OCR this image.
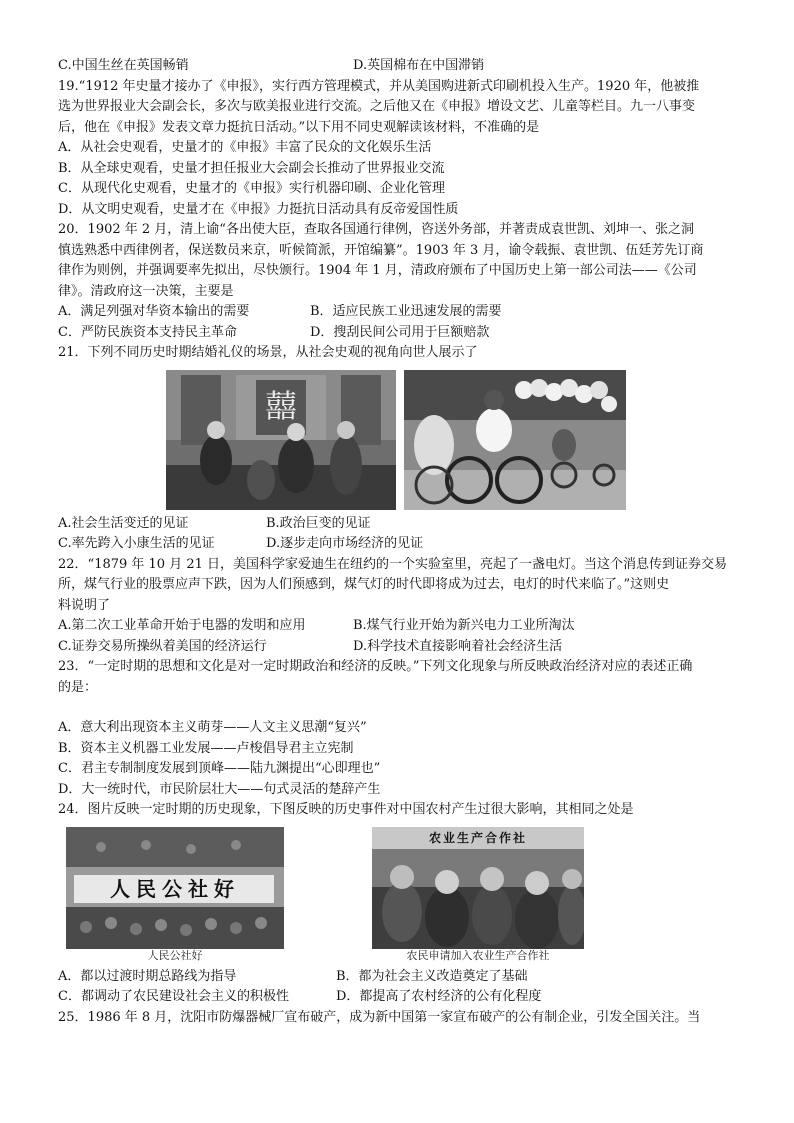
C.中国生丝在英国畅销	D.英国棉布在中国滞销
19.“1912 年史量才接办了《申报》，实行西方管理模式，并从美国购进新式印刷机投入生产。1920 年，他被推
选为世界报业大会副会长，多次与欧美报业进行交流。之后他又在《申报》增设文艺、儿童等栏目。九一八事变
后，他在《申报》发表文章力挺抗日活动。”以下用不同史观解读该材料，不准确的是
A．从社会史观看，史量才的《申报》丰富了民众的文化娱乐生活
B．从全球史观看，史量才担任报业大会副会长推动了世界报业交流
C．从现代化史观看，史量才的《申报》实行机器印刷、企业化管理
D．从文明史观看，史量才在《申报》力挺抗日活动具有反帝爱国性质
20．1902 年 2 月，清上谕“各出使大臣，查取各国通行律例，咨送外务部，并著责成袁世凯、刘坤一、张之洞
慎选熟悉中西律例者，保送数员来京，听候简派，开馆编纂”。1903 年 3 月，谕令载振、袁世凯、伍廷芳先订商
律作为则例，并强调要率先拟出，尽快颁行。1904 年 1 月，清政府颁布了中国历史上第一部公司法——《公司
律》。清政府这一决策，主要是
A．满足列强对华资本输出的需要	B．适应民族工业迅速发展的需要
C．严防民族资本支持民主革命	D．搜刮民间公司用于巨额赔款
21．下列不同历史时期结婚礼仪的场景，从社会史观的视角向世人展示了
囍
A.社会生活变迁的见证	B.政治巨变的见证
C.率先跨入小康生活的见证	D.逐步走向市场经济的见证
22．“1879 年 10 月 21 日，美国科学家爱迪生在纽约的一个实验室里，亮起了一盏电灯。当这个消息传到证券交易
所，煤气行业的股票应声下跌，因为人们预感到，煤气灯的时代即将成为过去，电灯的时代来临了。”这则史
料说明了
A.第二次工业革命开始于电器的发明和应用	B.煤气行业开始为新兴电力工业所淘汰
C.证券交易所操纵着美国的经济运行	D.科学技术直接影响着社会经济生活
23．“一定时期的思想和文化是对一定时期政治和经济的反映。”下列文化现象与所反映政治经济对应的表述正确
的是：
A．意大利出现资本主义萌芽——人文主义思潮“复兴”
B．资本主义机器工业发展——卢梭倡导君主立宪制
C．君主专制制度发展到顶峰——陆九渊提出“心即理也”
D．大一统时代，市民阶层壮大——句式灵活的楚辞产生
24．图片反映一定时期的历史现象，下图反映的历史事件对中国农村产生过很大影响，其相同之处是
人民公社好
人民公社好
农业生产合作社
农民申请加入农业生产合作社
A．都以过渡时期总路线为指导	B．都为社会主义改造奠定了基础
C．都调动了农民建设社会主义的积极性	D．都提高了农村经济的公有化程度
25．1986 年 8 月，沈阳市防爆器械厂宣布破产，成为新中国第一家宣布破产的公有制企业，引发全国关注。当
